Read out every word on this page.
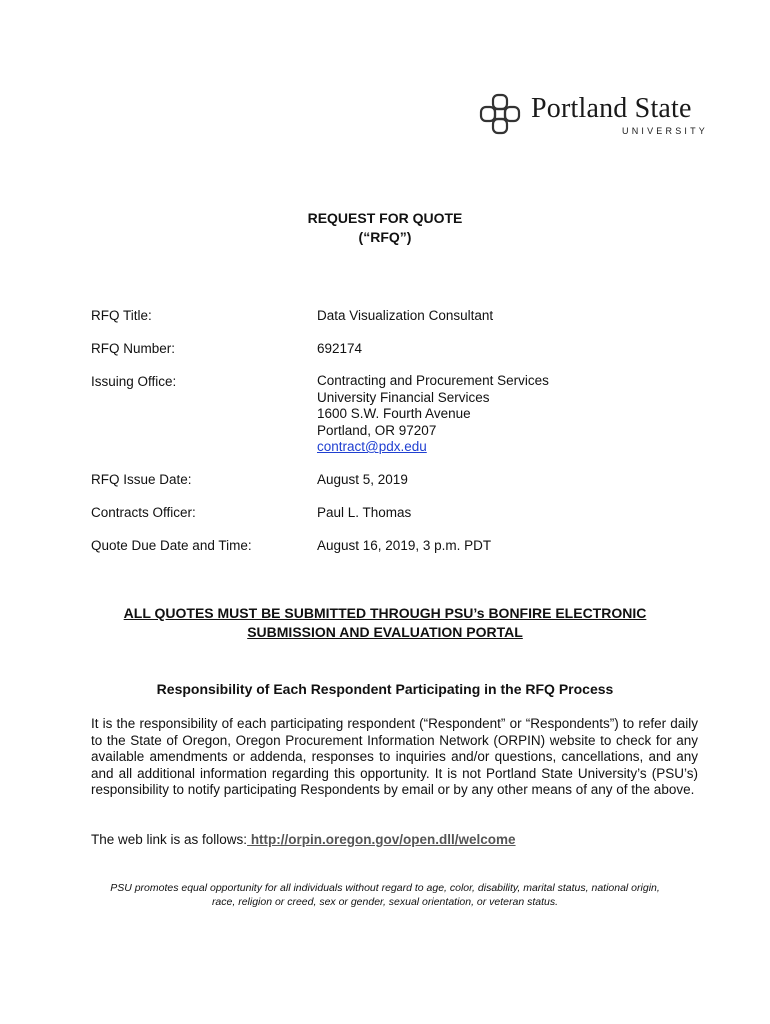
Portland State
UNIVERSITY
REQUEST FOR QUOTE
(“RFQ”)
RFQ Title:	Data Visualization Consultant
RFQ Number:	692174
Issuing Office:	Contracting and Procurement Services
University Financial Services
1600 S.W. Fourth Avenue
Portland, OR 97207
contract@pdx.edu
RFQ Issue Date:	August 5, 2019
Contracts Officer:	Paul L. Thomas
Quote Due Date and Time:	August 16, 2019, 3 p.m. PDT
ALL QUOTES MUST BE SUBMITTED THROUGH PSU’s BONFIRE ELECTRONIC
SUBMISSION AND EVALUATION PORTAL
Responsibility of Each Respondent Participating in the RFQ Process
It is the responsibility of each participating respondent (“Respondent” or “Respondents”) to refer daily to the State of Oregon, Oregon Procurement Information Network (ORPIN) website to check for any available amendments or addenda, responses to inquiries and/or questions, cancellations, and any and all additional information regarding this opportunity. It is not Portland State University’s (PSU’s) responsibility to notify participating Respondents by email or by any other means of any of the above.
The web link is as follows: http://orpin.oregon.gov/open.dll/welcome
PSU promotes equal opportunity for all individuals without regard to age, color, disability, marital status, national origin,
race, religion or creed, sex or gender, sexual orientation, or veteran status.
